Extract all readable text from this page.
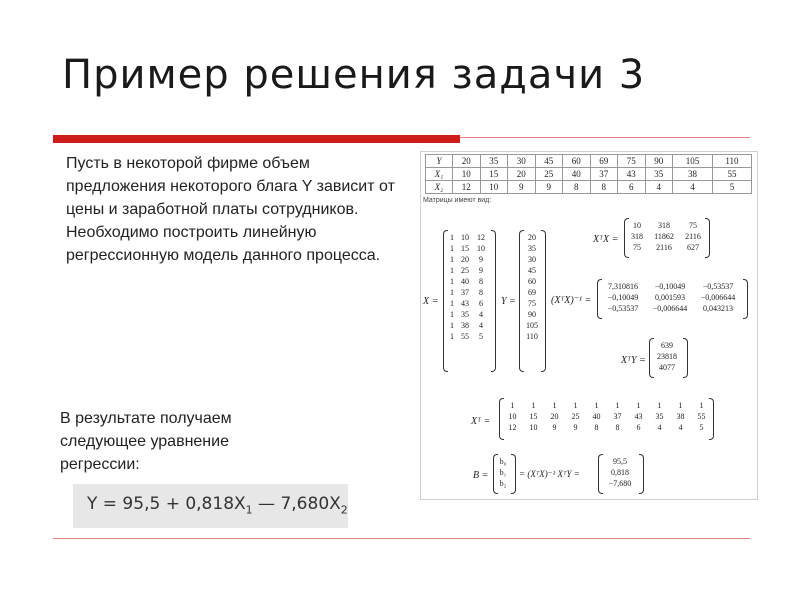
Пример решения задачи 3
Пусть в некоторой фирме объем предложения некоторого блага Y зависит от цены и заработной платы сотрудников. Необходимо построить линейную регрессионную модель данного процесса.
В результате получаем следующее уравнение регрессии:
$Y = 95,5 + 0,818X_1$ — $7,680X_2$
Y	20	35	30	45	60	69	75	90	105	110
X₁	10	15	20	25	40	37	43	35	38	55
X₂	12	10	9	9	8	8	6	4	4	5
Матрицы имеют вид:
X =
1 10	12
1 15	10
1 20	9
1 25	9
1 40	8
1 37	8
1 43	6
1 35	4
1 38	4
1 55	5
Y =
20
35
30
45
60
69
75
90
105
110
XᵀX =
10	318	75
318	11862	2116
75	2116	627
(XᵀX)⁻¹ =
7,310816	−0,10049	−0,53537
−0,10049	0,001593	−0,006644
−0,53537	−0,006644	0,043213
XᵀY =
639
23818
4077
Xᵀ =
1	1	1	1	1	1	1	1	1	1
10	15	20	25	40	37	43	35	38	55
12	10	9	9	8	8	6	4	4	5
B =
b₀
b₁
b₂
= (XᵀX)⁻¹ XᵀY =
95,5
0,818
−7,680
